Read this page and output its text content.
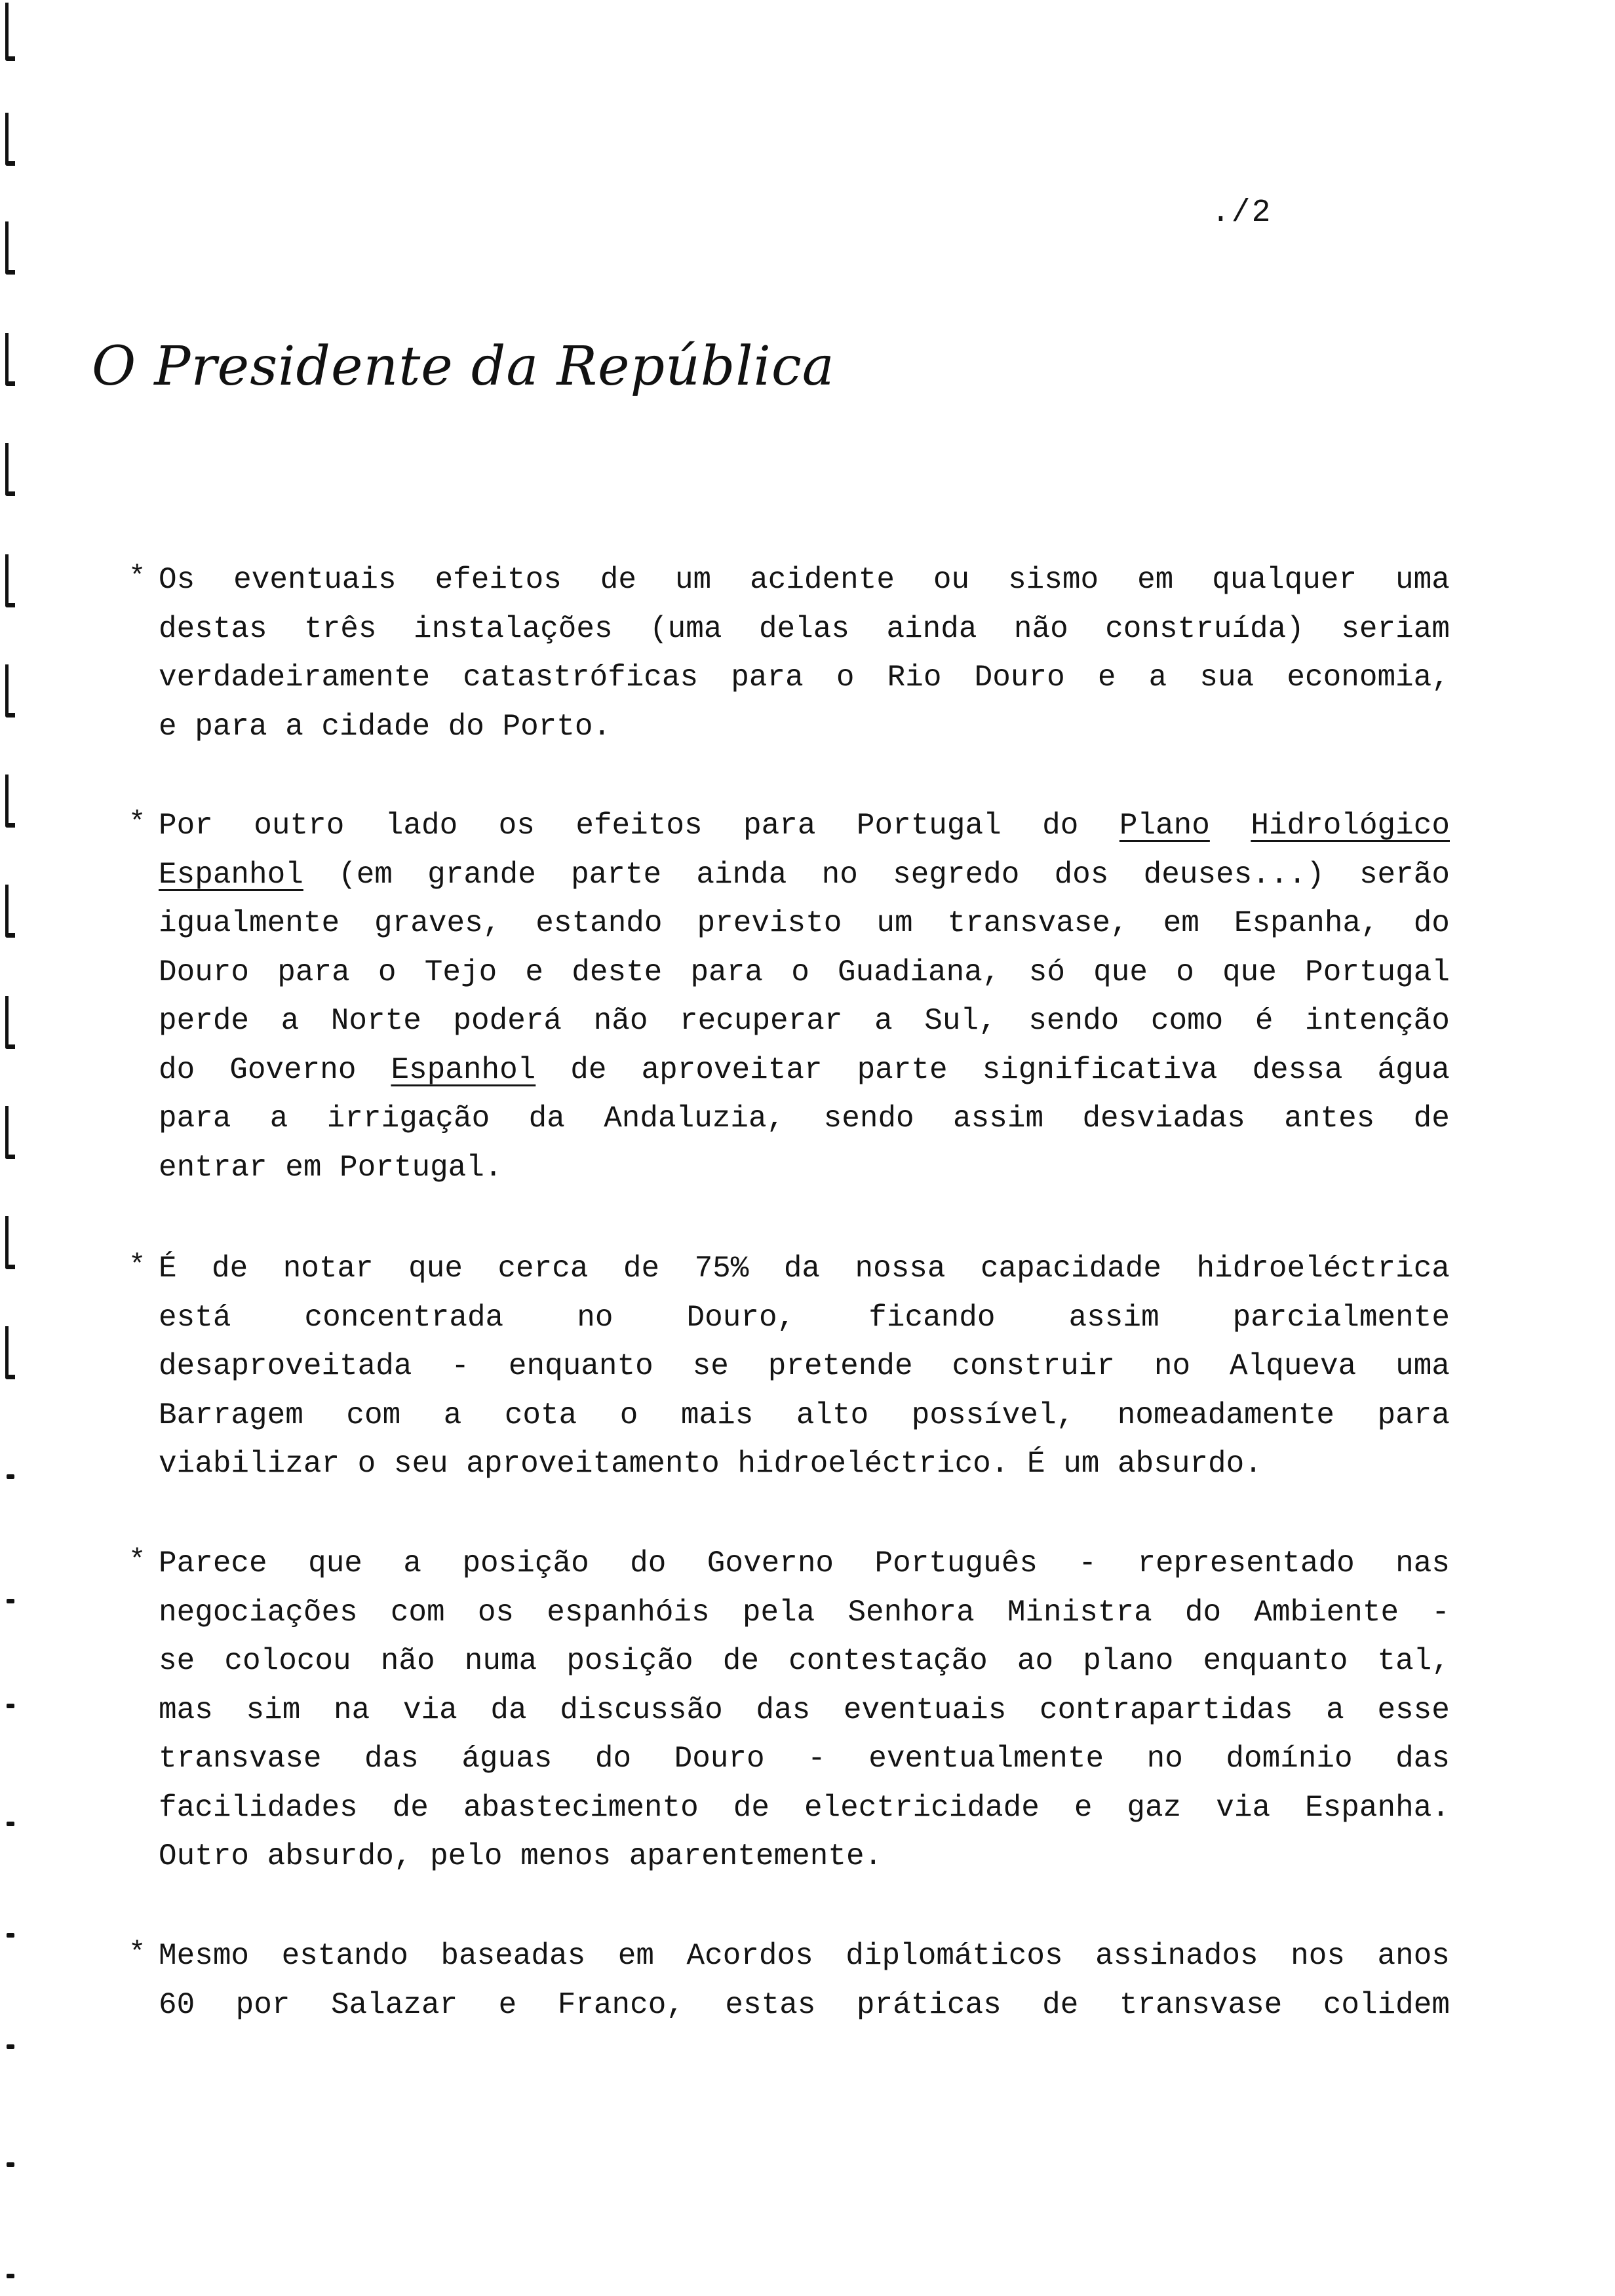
./2
O Presidente da República
* Os eventuais efeitos de um acidente ou sismo em qualquer uma
destas três instalações (uma delas ainda não construída) seriam
verdadeiramente catastróficas para o Rio Douro e a sua economia,
e para a cidade do Porto.
* Por outro lado os efeitos para Portugal do Plano Hidrológico
Espanhol (em grande parte ainda no segredo dos deuses...) serão
igualmente graves, estando previsto um transvase, em Espanha, do
Douro para o Tejo e deste para o Guadiana, só que o que Portugal
perde a Norte poderá não recuperar a Sul, sendo como é intenção
do Governo Espanhol de aproveitar parte significativa dessa água
para a irrigação da Andaluzia, sendo assim desviadas antes de
entrar em Portugal.
* É de notar que cerca de 75% da nossa capacidade hidroeléctrica
está concentrada no Douro, ficando assim parcialmente
desaproveitada - enquanto se pretende construir no Alqueva uma
Barragem com a cota o mais alto possível, nomeadamente para
viabilizar o seu aproveitamento hidroeléctrico. É um absurdo.
* Parece que a posição do Governo Português - representado nas
negociações com os espanhóis pela Senhora Ministra do Ambiente -
se colocou não numa posição de contestação ao plano enquanto tal,
mas sim na via da discussão das eventuais contrapartidas a esse
transvase das águas do Douro - eventualmente no domínio das
facilidades de abastecimento de electricidade e gaz via Espanha.
Outro absurdo, pelo menos aparentemente.
* Mesmo estando baseadas em Acordos diplomáticos assinados nos anos
60 por Salazar e Franco, estas práticas de transvase colidem
